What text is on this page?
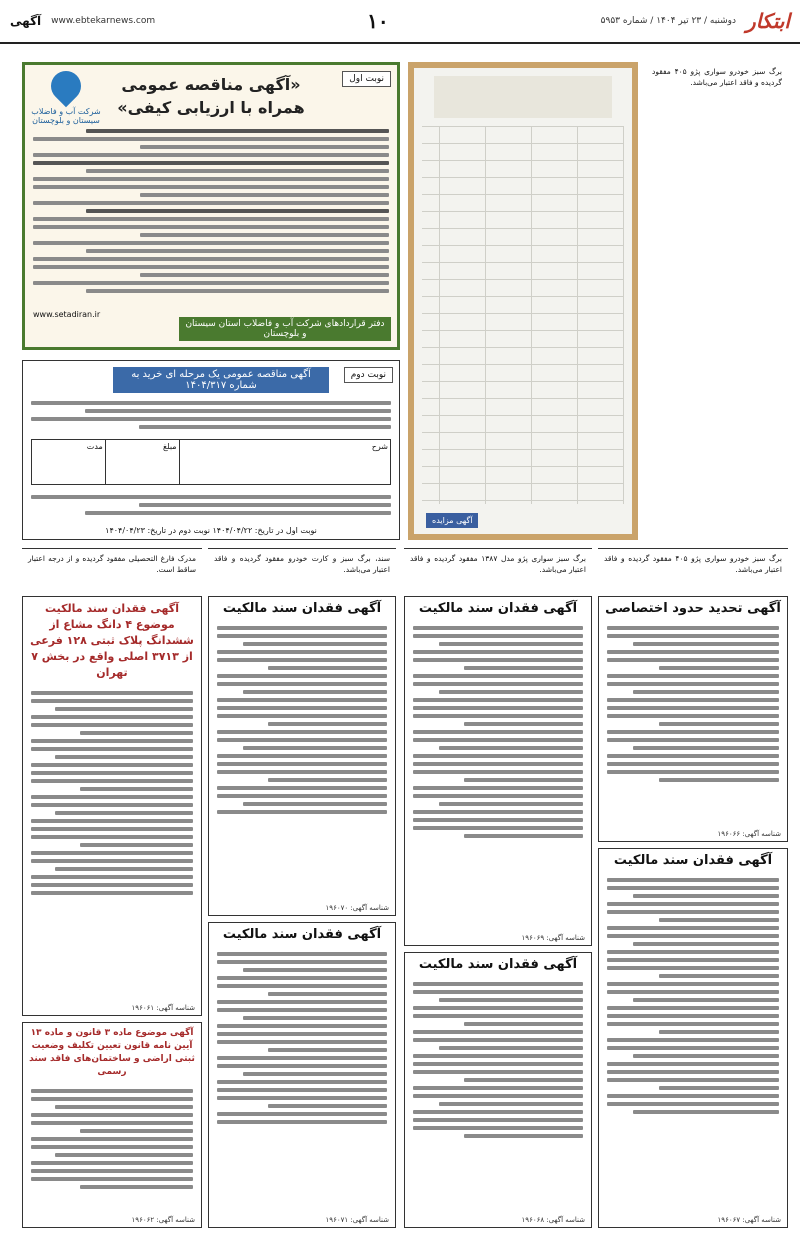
ابتکار
دوشنبه / ۲۳ تیر ۱۴۰۴ / شماره ۵۹۵۳
۱۰
www.ebtekarnews.com
آگهی
نوبت اول
شرکت آب و فاضلاب سیستان و بلوچستان
«آگهی مناقصه عمومی
همراه با ارزیابی کیفی»
www.setadiran.ir
دفتر قراردادهای شرکت آب و فاضلاب استان سیستان و بلوچستان
نوبت دوم
آگهی مناقصه عمومی یک مرحله ای خرید به شماره ۱۴۰۴/۳۱۷
شرح
مبلغ
مدت
نوبت اول در تاریخ: ۱۴۰۴/۰۴/۲۲ نوبت دوم در تاریخ: ۱۴۰۴/۰۴/۲۳
آگهی مزایده
برگ سبز خودرو سواری پژو ۴۰۵ مفقود گردیده و فاقد اعتبار می‌باشد.
مدرک فارغ التحصیلی مفقود گردیده و از درجه اعتبار ساقط است.
سند، برگ سبز و کارت خودرو مفقود گردیده و فاقد اعتبار می‌باشد.
برگ سبز سواری پژو مدل ۱۳۸۷ مفقود گردیده و فاقد اعتبار می‌باشد.
برگ سبز خودرو سواری پژو ۴۰۵ مفقود گردیده و فاقد اعتبار می‌باشد.
آگهی تحدید حدود اختصاصی
شناسه آگهی: ۱۹۶۰۶۶
آگهی فقدان سند مالکیت
شناسه آگهی: ۱۹۶۰۶۷
آگهی فقدان سند مالکیت
شناسه آگهی: ۱۹۶۰۶۹
آگهی فقدان سند مالکیت
شناسه آگهی: ۱۹۶۰۶۸
آگهی فقدان سند مالکیت
شناسه آگهی: ۱۹۶۰۷۰
آگهی فقدان سند مالکیت
شناسه آگهی: ۱۹۶۰۷۱
آگهی فقدان سند مالکیت موضوع ۴ دانگ مشاع از ششدانگ پلاک ثبتی ۱۲۸ فرعی از ۳۷۱۳ اصلی واقع در بخش ۷ تهران
شناسه آگهی: ۱۹۶۰۶۱
آگهی موضوع ماده ۳ قانون و ماده ۱۳ آیین نامه قانون تعیین تکلیف وضعیت ثبتی اراضی و ساختمان‌های فاقد سند رسمی
شناسه آگهی: ۱۹۶۰۶۲
